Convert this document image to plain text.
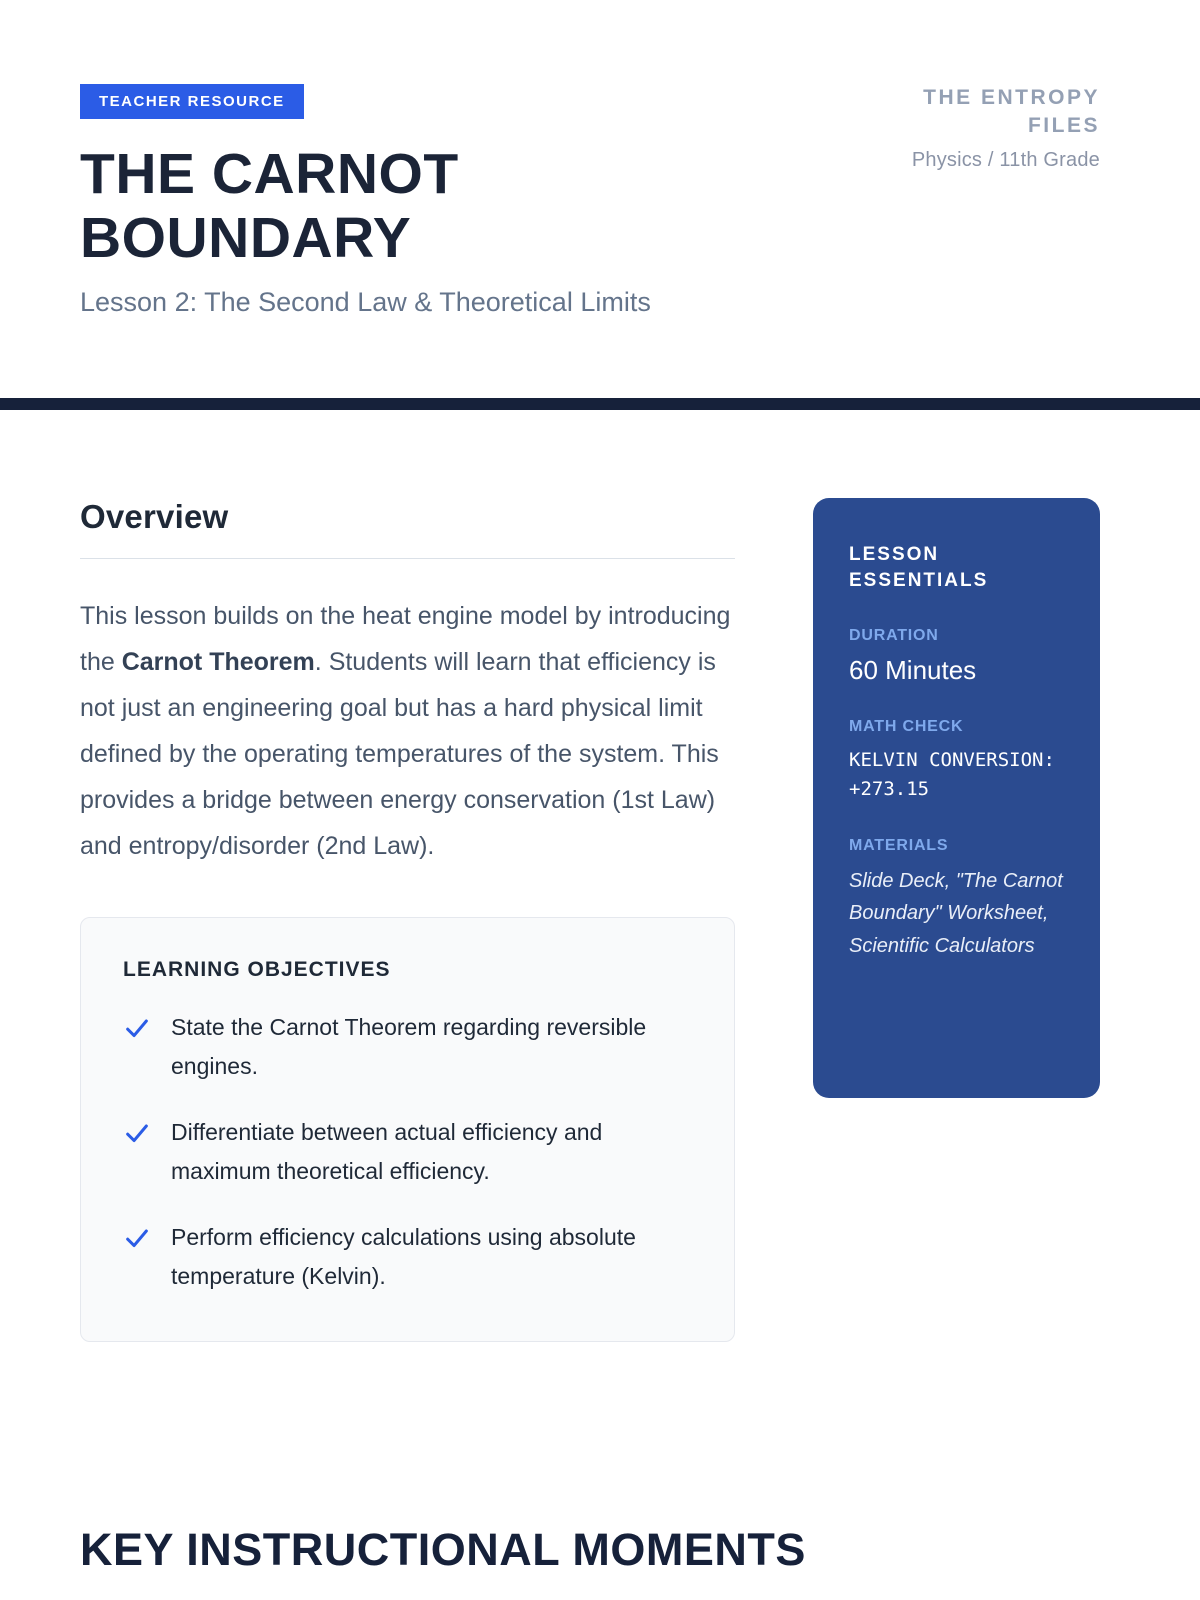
TEACHER RESOURCE
THE CARNOT BOUNDARY
Lesson 2: The Second Law & Theoretical Limits
THE ENTROPY FILES
Physics / 11th Grade
Overview

This lesson builds on the heat engine model by introducing the Carnot Theorem. Students will learn that efficiency is not just an engineering goal but has a hard physical limit defined by the operating temperatures of the system. This provides a bridge between energy conservation (1st Law) and entropy/disorder (2nd Law).

LEARNING OBJECTIVES
State the Carnot Theorem regarding reversible engines.
Differentiate between actual efficiency and maximum theoretical efficiency.
Perform efficiency calculations using absolute temperature (Kelvin).
LESSON ESSENTIALS
DURATION
60 Minutes
MATH CHECK
KELVIN CONVERSION: +273.15
MATERIALS
Slide Deck, "The Carnot Boundary" Worksheet, Scientific Calculators
KEY INSTRUCTIONAL MOMENTS
